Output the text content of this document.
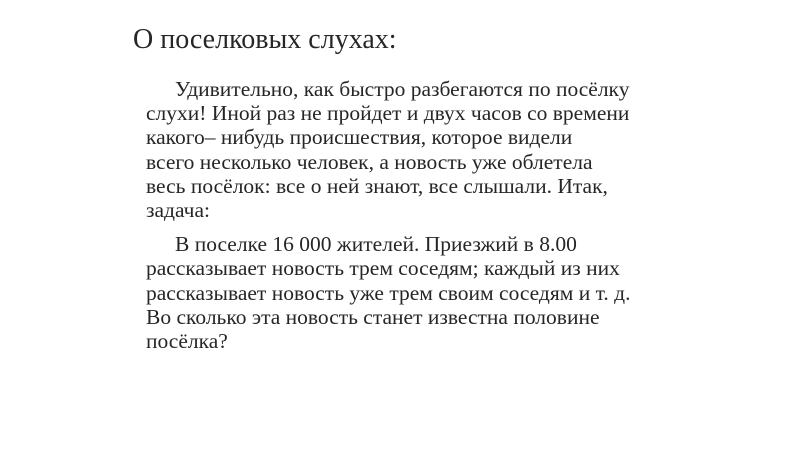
О поселковых слухах:

Удивительно, как быстро разбегаются по посёлку
слухи! Иной раз не пройдет и двух часов со времени
какого– нибудь происшествия, которое видели
всего несколько человек, а новость уже облетела
весь посёлок: все о ней знают, все слышали. Итак,
задача:

В поселке 16 000 жителей. Приезжий в 8.00
рассказывает новость трем соседям; каждый из них
рассказывает новость уже трем своим соседям и т. д.
Во сколько эта новость станет известна половине
посёлка?
